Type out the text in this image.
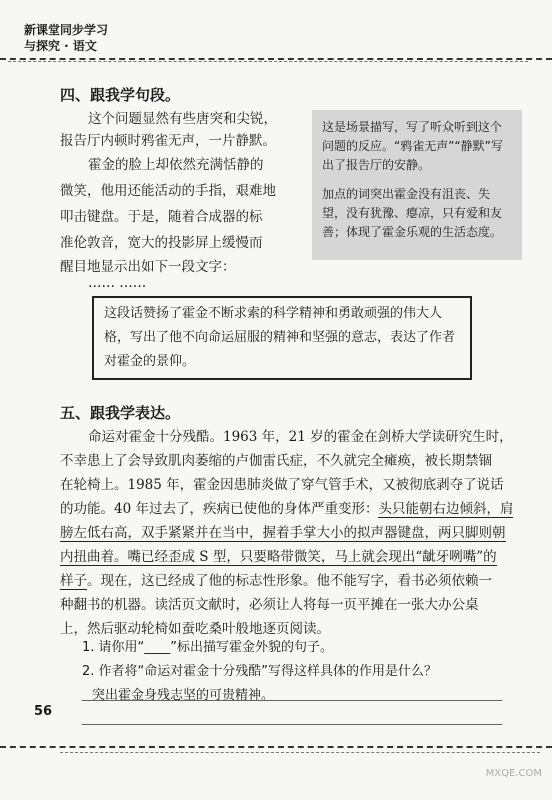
新课堂同步学习
与探究 · 语文
四、跟我学句段。
这个问题显然有些唐突和尖锐，
报告厅内顿时鸦雀无声，一片静默。
霍金的脸上却依然充满恬静的
微笑，他用还能活动的手指，艰难地
叩击键盘。于是，随着合成器的标
准伦敦音，宽大的投影屏上缓慢而
醒目地显示出如下一段文字：
…… ……

这是场景描写，写了听众听到这个问题的反应。“鸦雀无声”“静默”写出了报告厅的安静。

加点的词突出霍金没有沮丧、失望，没有犹豫、瘪凉，只有爱和友善；体现了霍金乐观的生活态度。

这段话赞扬了霍金不断求索的科学精神和勇敢顽强的伟大人格，写出了他不向命运屈服的精神和坚强的意志，表达了作者对霍金的景仰。
五、跟我学表达。
命运对霍金十分残酷。1963 年，21 岁的霍金在剑桥大学读研究生时，
不幸患上了会导致肌肉萎缩的卢伽雷氏症，不久就完全瘫痪，被长期禁锢
在轮椅上。1985 年，霍金因患肺炎做了穿气管手术，又被彻底剥夺了说话
的功能。40 年过去了，疾病已使他的身体严重变形：头只能朝右边倾斜，肩
膀左低右高，双手紧紧并在当中，握着手掌大小的拟声器键盘，两只脚则朝
内扭曲着。嘴已经歪成 S 型，只要略带微笑，马上就会现出“龇牙咧嘴”的
样子。现在，这已经成了他的标志性形象。他不能写字，看书必须依赖一
种翻书的机器。读活页文献时，必须让人将每一页平摊在一张大办公桌
上，然后驱动轮椅如蚕吃桑叶般地逐页阅读。
1. 请你用“____”标出描写霍金外貌的句子。
2. 作者将“命运对霍金十分残酷”写得这样具体的作用是什么？
突出霍金身残志坚的可贵精神。
56
MXQE.COM
